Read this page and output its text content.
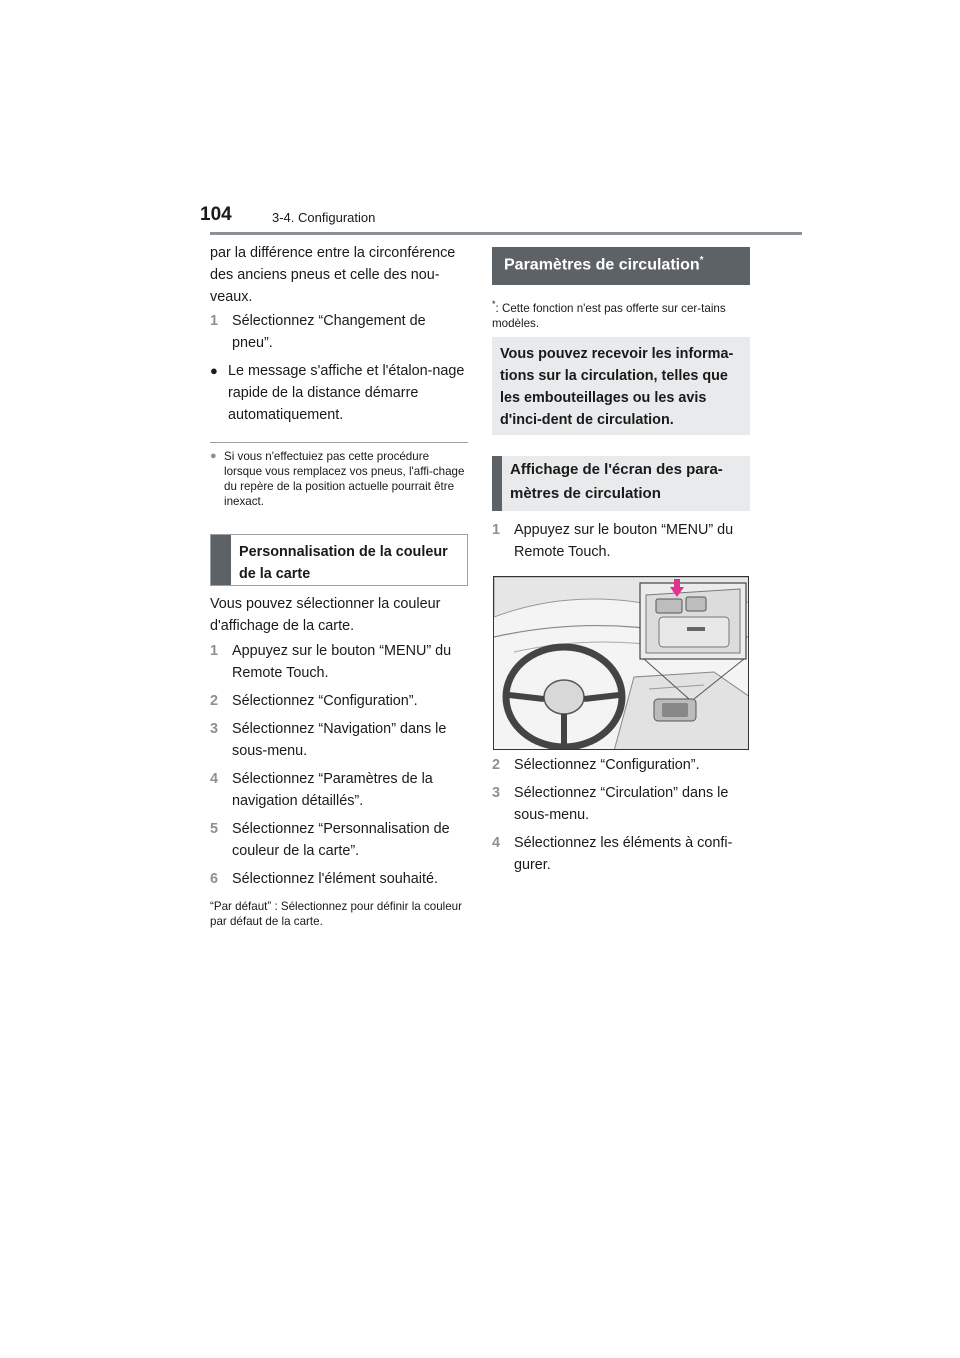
104	3-4. Configuration
par la différence entre la circonférence des anciens pneus et celle des nou-veaux.
1 Sélectionnez “Changement de pneu”.
● Le message s'affiche et l'étalon-nage rapide de la distance démarre automatiquement.
● Si vous n'effectuiez pas cette procédure lorsque vous remplacez vos pneus, l'affi-chage du repère de la position actuelle pourrait être inexact.
Personnalisation de la couleur de la carte
Vous pouvez sélectionner la couleur d'affichage de la carte.
1 Appuyez sur le bouton “MENU” du Remote Touch.
2 Sélectionnez “Configuration”.
3 Sélectionnez “Navigation” dans le sous-menu.
4 Sélectionnez “Paramètres de la navigation détaillés”.
5 Sélectionnez “Personnalisation de couleur de la carte”.
6 Sélectionnez l'élément souhaité.
“Par défaut” : Sélectionnez pour définir la couleur par défaut de la carte.
Paramètres de circulation*
*: Cette fonction n'est pas offerte sur cer-tains modèles.
Vous pouvez recevoir les informa-tions sur la circulation, telles que les embouteillages ou les avis d'inci-dent de circulation.
Affichage de l'écran des para-mètres de circulation
1 Appuyez sur le bouton “MENU” du Remote Touch.
2 Sélectionnez “Configuration”.
3 Sélectionnez “Circulation” dans le sous-menu.
4 Sélectionnez les éléments à confi-gurer.
